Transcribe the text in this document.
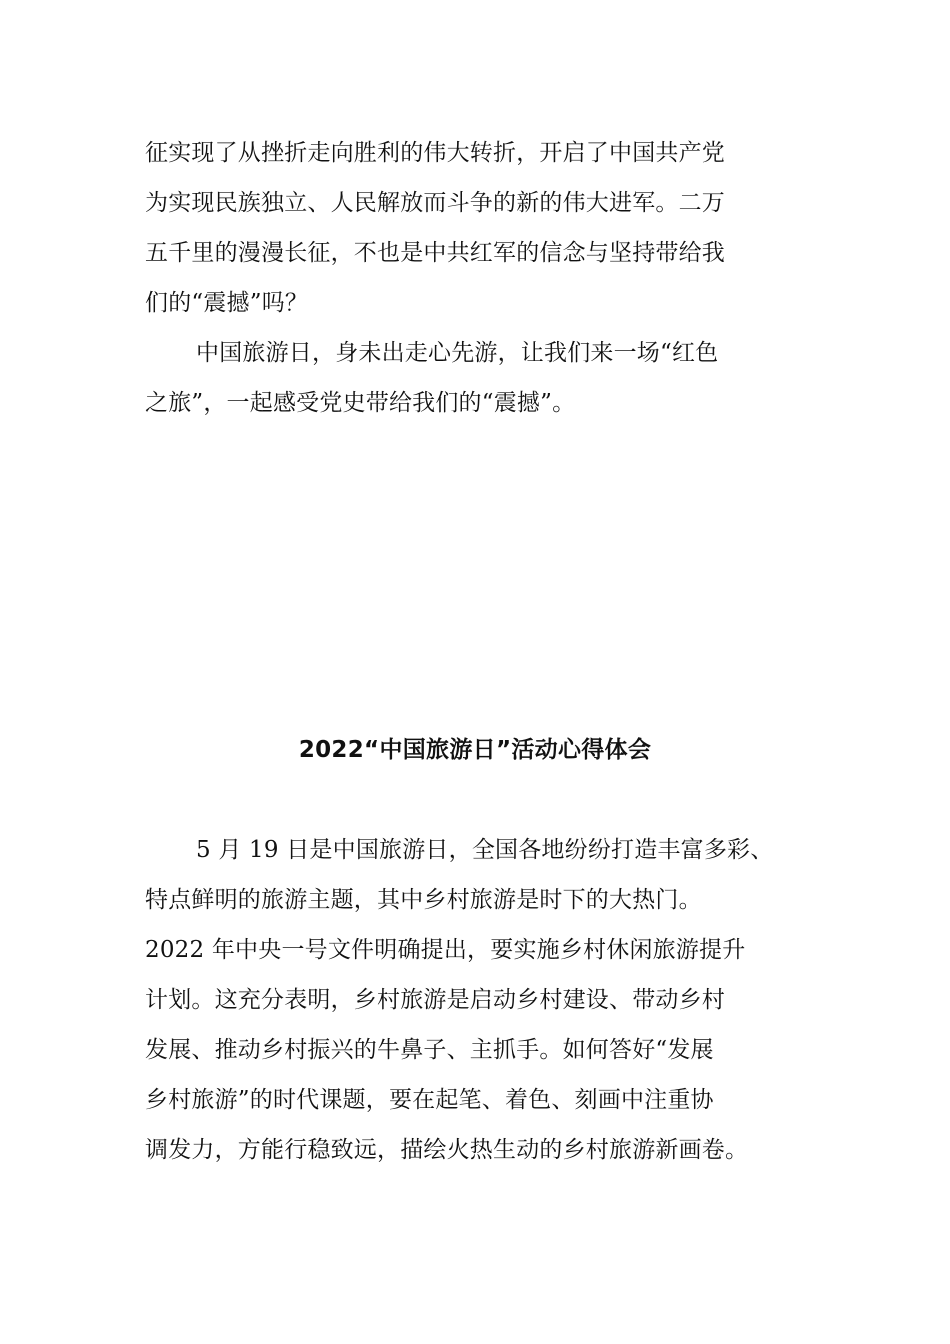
征实现了从挫折走向胜利的伟大转折，开启了中国共产党
为实现民族独立、人民解放而斗争的新的伟大进军。二万
五千里的漫漫长征，不也是中共红军的信念与坚持带给我
们的“震撼”吗？
中国旅游日，身未出走心先游，让我们来一场“红色
之旅”，一起感受党史带给我们的“震撼”。
2022“中国旅游日”活动心得体会
5 月 19 日是中国旅游日，全国各地纷纷打造丰富多彩、
特点鲜明的旅游主题，其中乡村旅游是时下的大热门。
2022 年中央一号文件明确提出，要实施乡村休闲旅游提升
计划。这充分表明，乡村旅游是启动乡村建设、带动乡村
发展、推动乡村振兴的牛鼻子、主抓手。如何答好“发展
乡村旅游”的时代课题，要在起笔、着色、刻画中注重协
调发力，方能行稳致远，描绘火热生动的乡村旅游新画卷。
